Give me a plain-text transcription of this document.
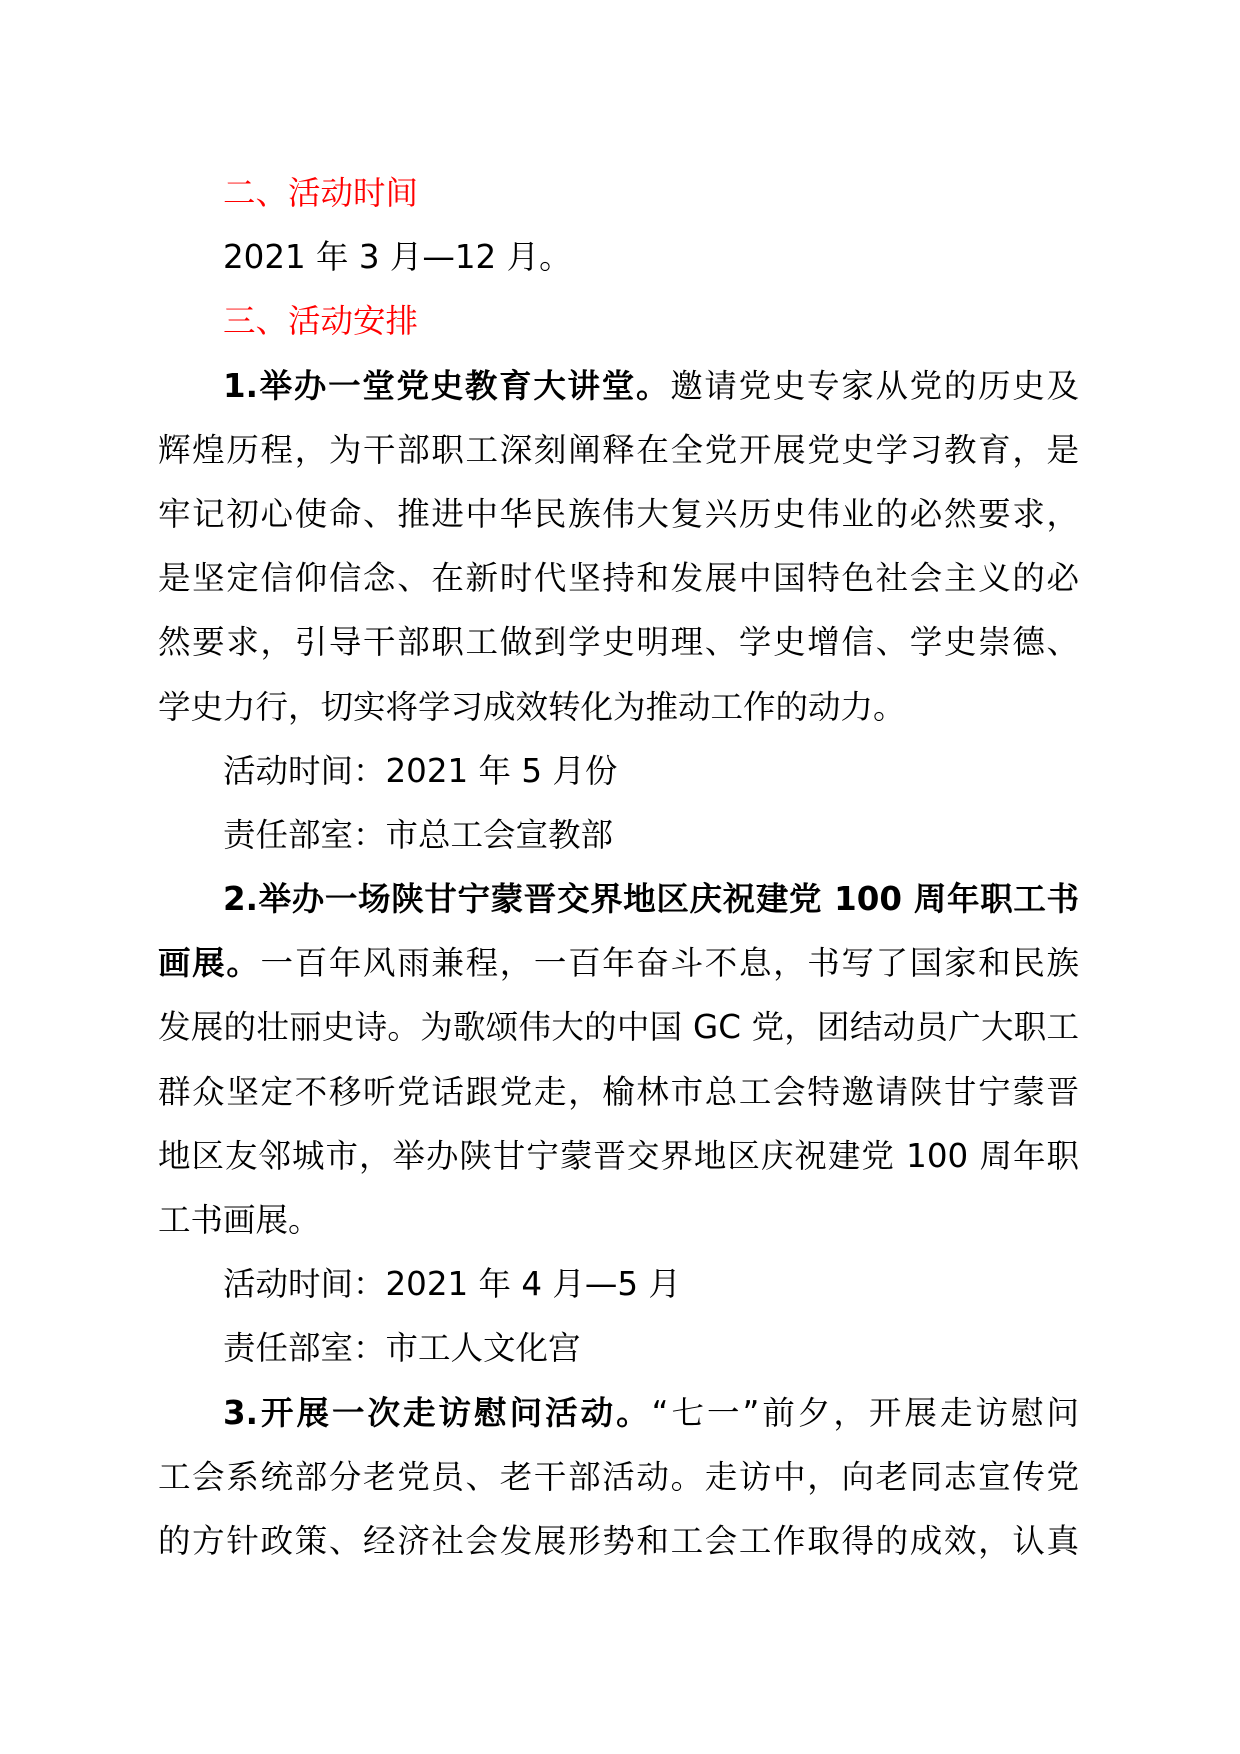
二、活动时间
2021 年 3 月—12 月。
三、活动安排
1.举办一堂党史教育大讲堂。邀请党史专家从党的历史及
辉煌历程，为干部职工深刻阐释在全党开展党史学习教育，是
牢记初心使命、推进中华民族伟大复兴历史伟业的必然要求，
是坚定信仰信念、在新时代坚持和发展中国特色社会主义的必
然要求，引导干部职工做到学史明理、学史增信、学史崇德、
学史力行，切实将学习成效转化为推动工作的动力。
活动时间：2021 年 5 月份
责任部室：市总工会宣教部
2.举办一场陕甘宁蒙晋交界地区庆祝建党 100 周年职工书
画展。一百年风雨兼程，一百年奋斗不息，书写了国家和民族
发展的壮丽史诗。为歌颂伟大的中国 GC 党，团结动员广大职工
群众坚定不移听党话跟党走，榆林市总工会特邀请陕甘宁蒙晋
地区友邻城市，举办陕甘宁蒙晋交界地区庆祝建党 100 周年职
工书画展。
活动时间：2021 年 4 月—5 月
责任部室：市工人文化宫
3.开展一次走访慰问活动。“七一”前夕，开展走访慰问
工会系统部分老党员、老干部活动。走访中，向老同志宣传党
的方针政策、经济社会发展形势和工会工作取得的成效，认真
